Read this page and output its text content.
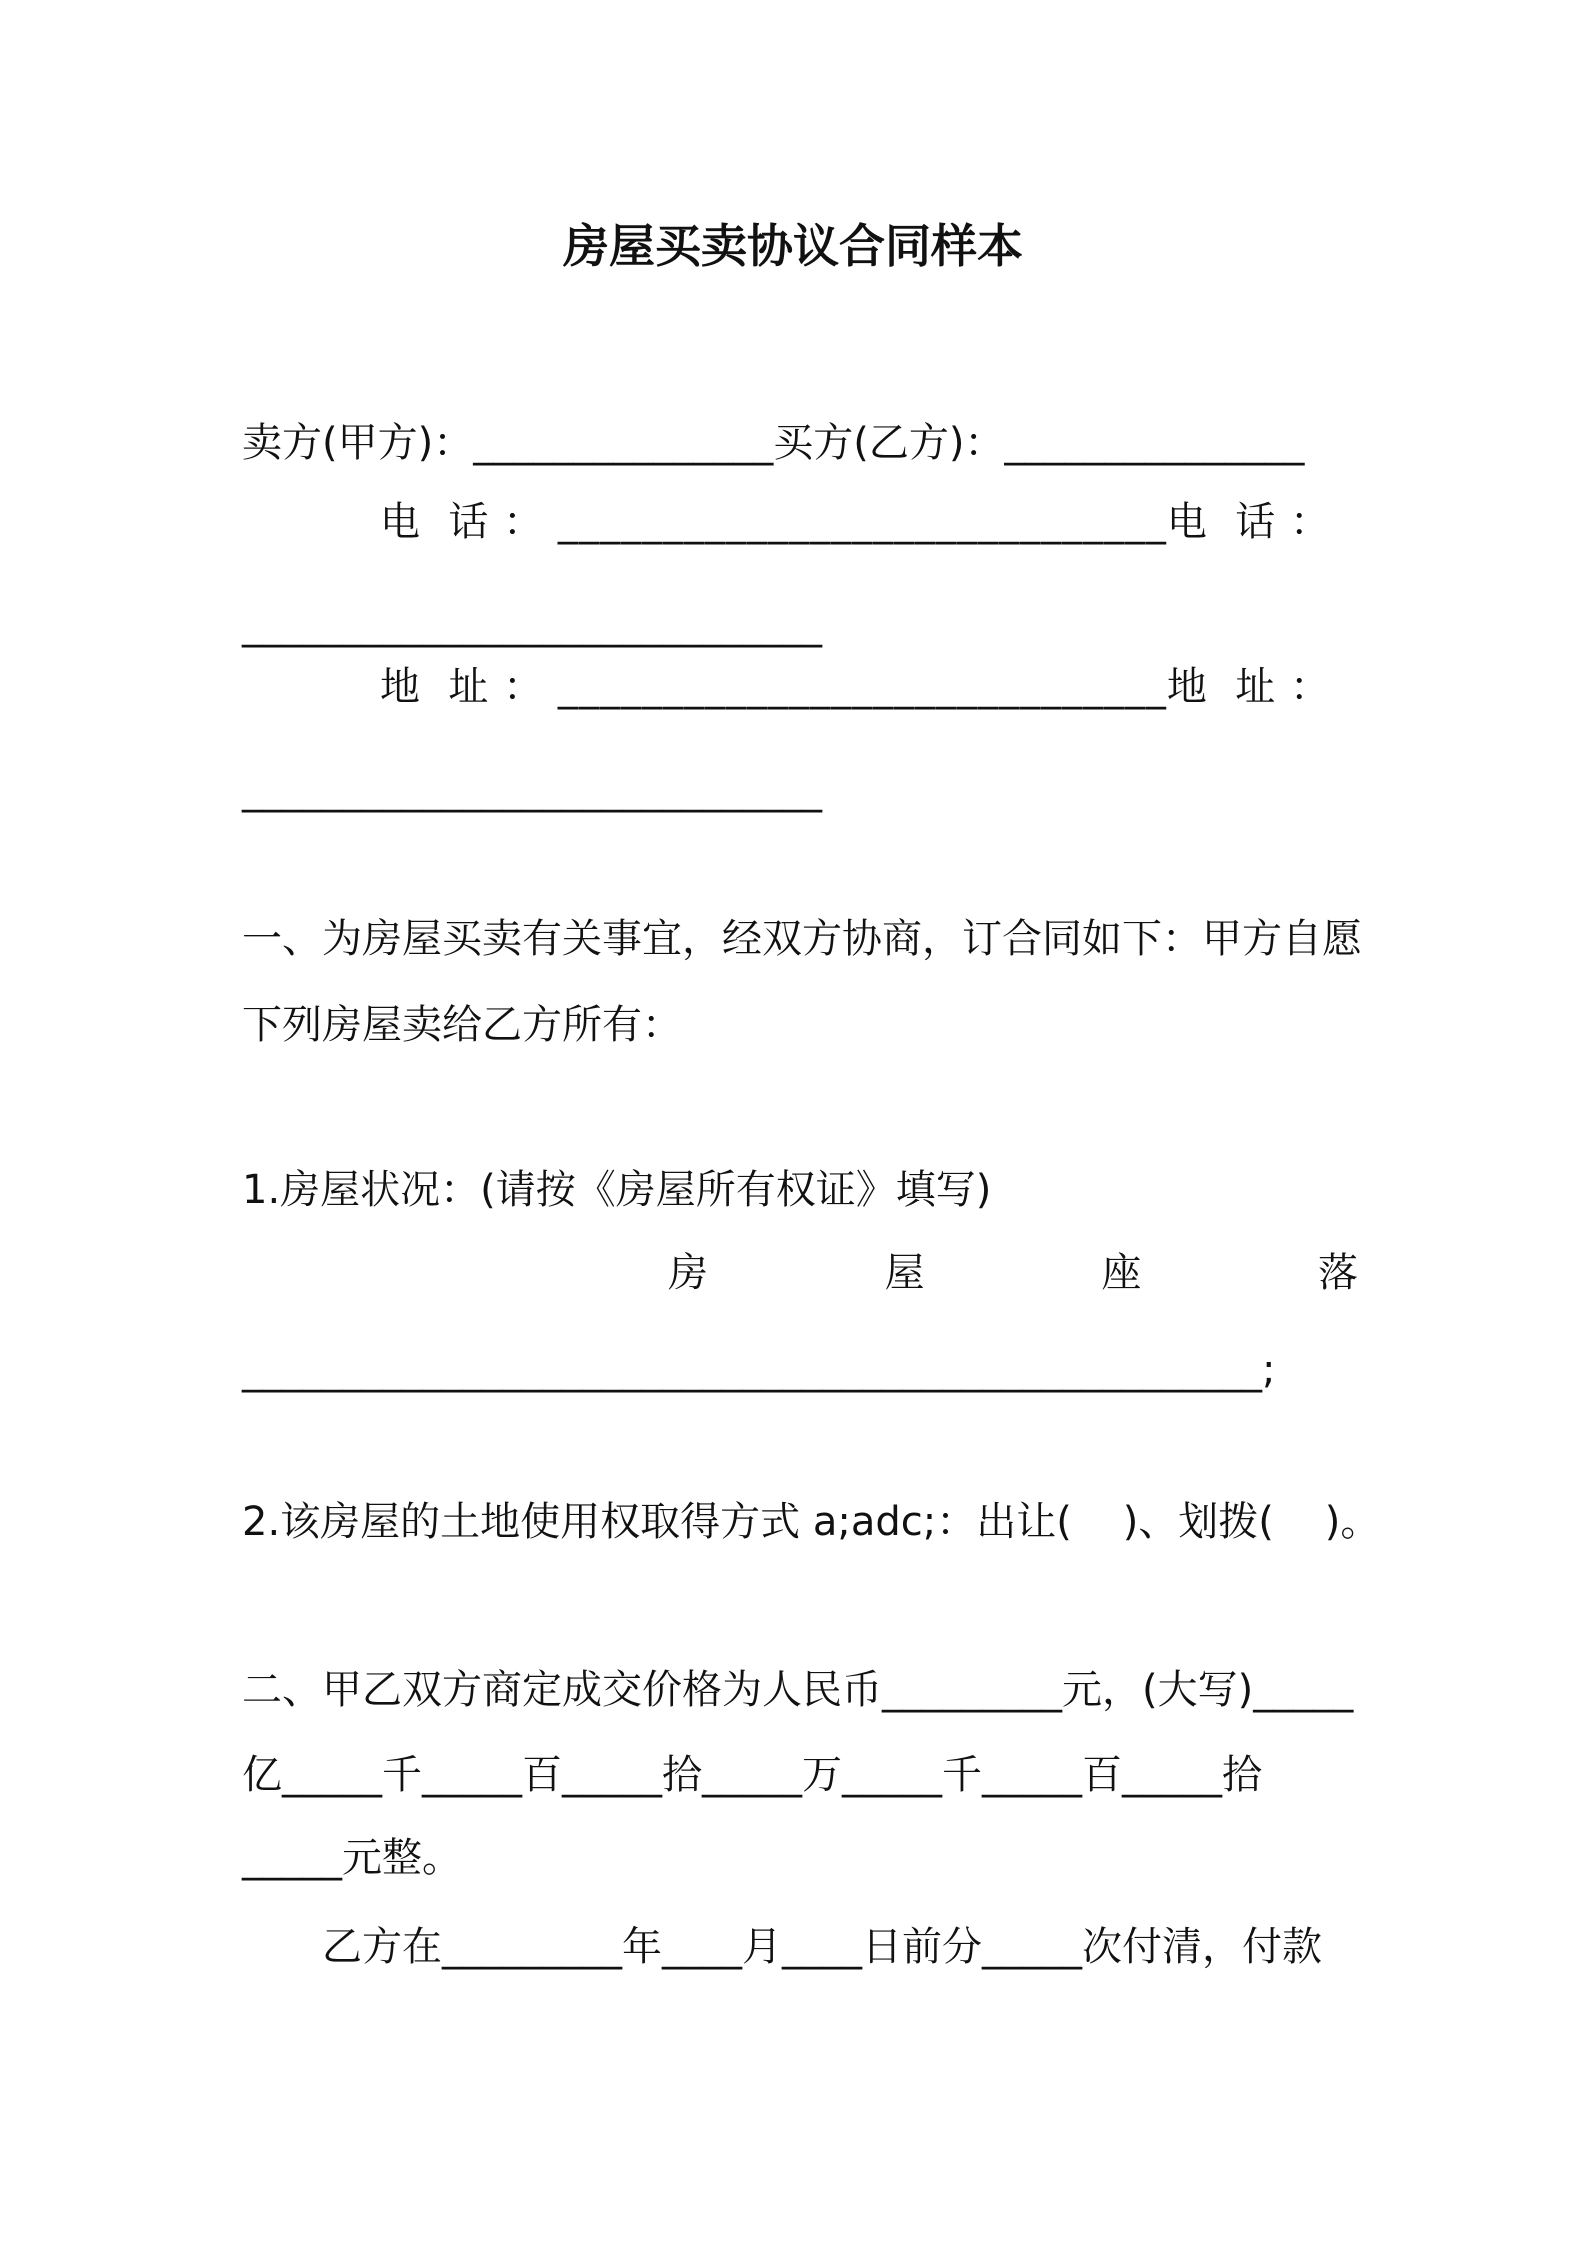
房屋买卖协议合同样本
卖方(甲方)：_______________买方(乙方)：_______________
电  话 ： _____________________________电  话 ：
_____________________________
地  址 ： _____________________________地  址 ：
_____________________________
一、为房屋买卖有关事宜，经双方协商，订合同如下：甲方自愿
下列房屋卖给乙方所有：
1.房屋状况：(请按《房屋所有权证》填写)
房	屋	座	落
___________________________________________________;
2.该房屋的土地使用权取得方式 a;adc;：出让(    )、划拨(    )。
二、甲乙双方商定成交价格为人民币_________元，(大写)_____
亿_____千_____百_____拾_____万_____千_____百_____拾
_____元整。
乙方在_________年____月____日前分_____次付清，付款
